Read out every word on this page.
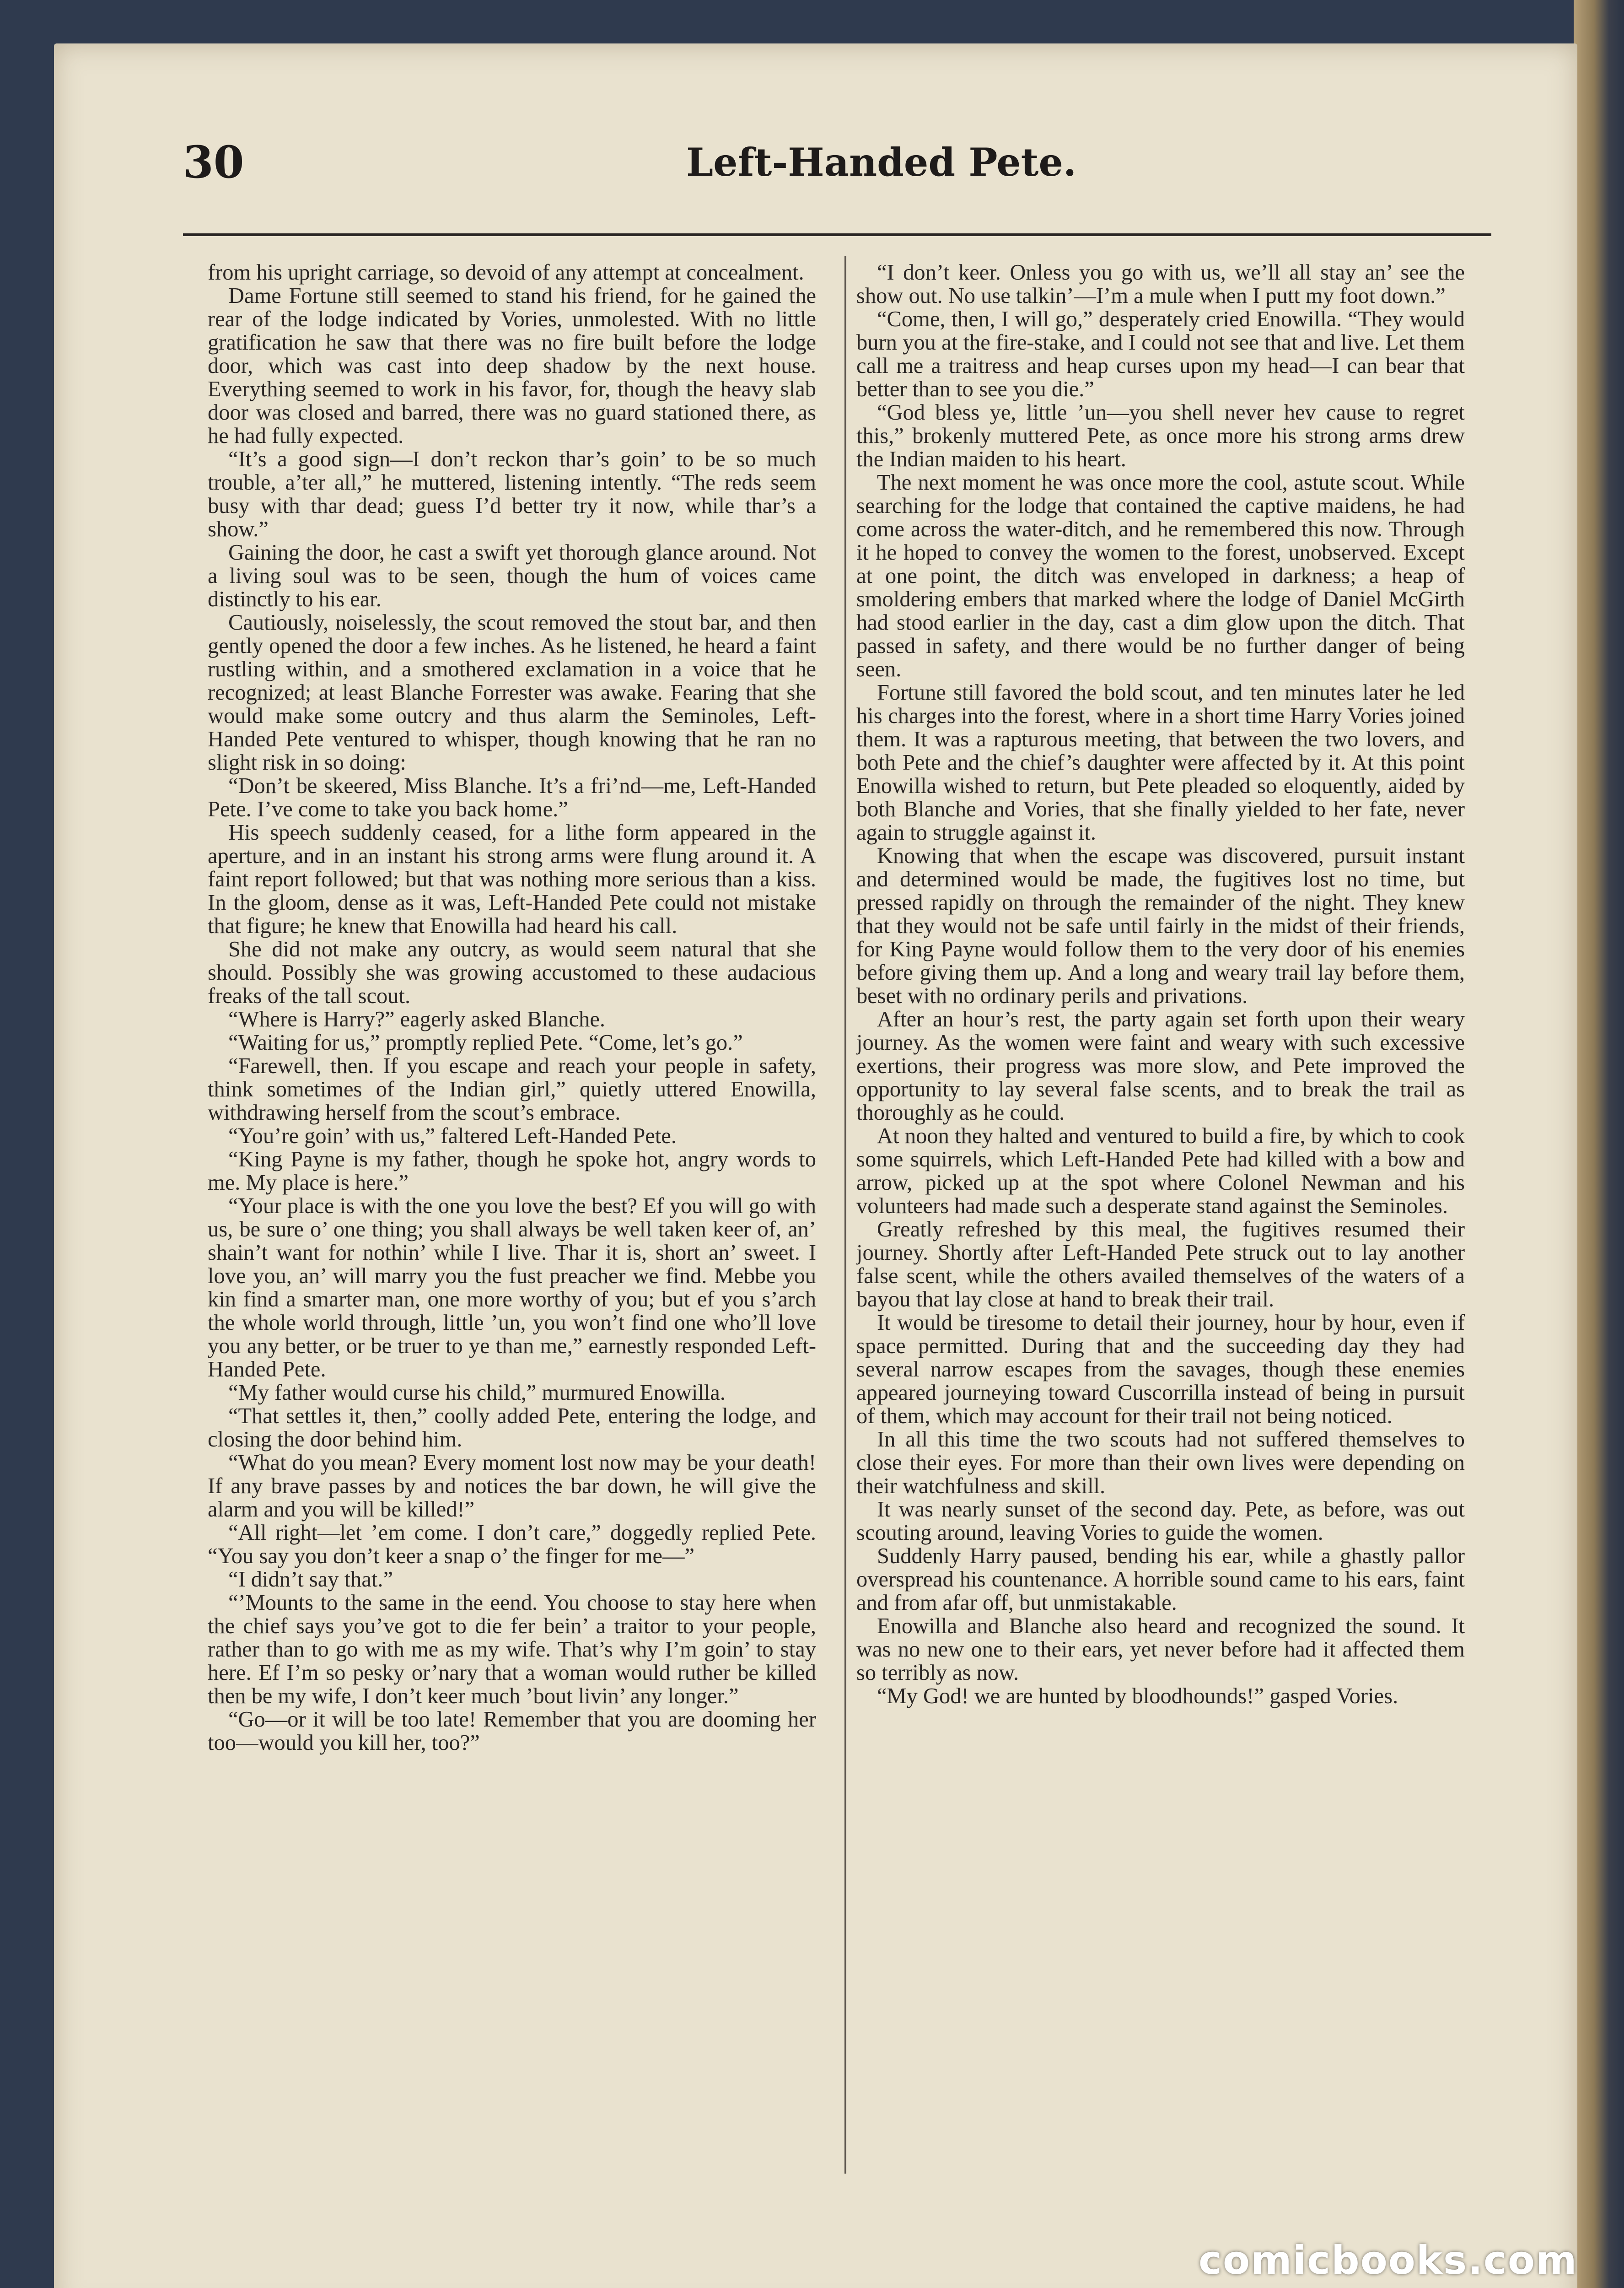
30	Left-Handed Pete.

from his upright carriage, so devoid of any attempt at concealment.

Dame Fortune still seemed to stand his friend, for he gained the rear of the lodge indicated by Vories, unmolested. With no little gratification he saw that there was no fire built before the lodge door, which was cast into deep shadow by the next house. Everything seemed to work in his favor, for, though the heavy slab door was closed and barred, there was no guard stationed there, as he had fully expected.

“It’s a good sign—I don’t reckon thar’s goin’ to be so much trouble, a’ter all,” he muttered, listening intently. “The reds seem busy with thar dead; guess I’d better try it now, while thar’s a show.”

Gaining the door, he cast a swift yet thorough glance around. Not a living soul was to be seen, though the hum of voices came distinctly to his ear.

Cautiously, noiselessly, the scout removed the stout bar, and then gently opened the door a few inches. As he listened, he heard a faint rustling within, and a smothered exclamation in a voice that he recognized; at least Blanche Forrester was awake. Fearing that she would make some outcry and thus alarm the Seminoles, Left-Handed Pete ventured to whisper, though knowing that he ran no slight risk in so doing:

“Don’t be skeered, Miss Blanche. It’s a fri’nd—me, Left-Handed Pete. I’ve come to take you back home.”

His speech suddenly ceased, for a lithe form appeared in the aperture, and in an instant his strong arms were flung around it. A faint report followed; but that was nothing more serious than a kiss. In the gloom, dense as it was, Left-Handed Pete could not mistake that figure; he knew that Enowilla had heard his call.

She did not make any outcry, as would seem natural that she should. Possibly she was growing accustomed to these audacious freaks of the tall scout.

“Where is Harry?” eagerly asked Blanche.

“Waiting for us,” promptly replied Pete. “Come, let’s go.”

“Farewell, then. If you escape and reach your people in safety, think sometimes of the Indian girl,” quietly uttered Enowilla, withdrawing herself from the scout’s embrace.

“You’re goin’ with us,” faltered Left-Handed Pete.

“King Payne is my father, though he spoke hot, angry words to me. My place is here.”

“Your place is with the one you love the best? Ef you will go with us, be sure o’ one thing; you shall always be well taken keer of, an’ shain’t want for nothin’ while I live. Thar it is, short an’ sweet. I love you, an’ will marry you the fust preacher we find. Mebbe you kin find a smarter man, one more worthy of you; but ef you s’arch the whole world through, little ’un, you won’t find one who’ll love you any better, or be truer to ye than me,” earnestly responded Left-Handed Pete.

“My father would curse his child,” murmured Enowilla.

“That settles it, then,” coolly added Pete, entering the lodge, and closing the door behind him.

“What do you mean? Every moment lost now may be your death! If any brave passes by and notices the bar down, he will give the alarm and you will be killed!”

“All right—let ’em come. I don’t care,” doggedly replied Pete. “You say you don’t keer a snap o’ the finger for me—”

“I didn’t say that.”

“’Mounts to the same in the eend. You choose to stay here when the chief says you’ve got to die fer bein’ a traitor to your people, rather than to go with me as my wife. That’s why I’m goin’ to stay here. Ef I’m so pesky or’nary that a woman would ruther be killed then be my wife, I don’t keer much ’bout livin’ any longer.”

“Go—or it will be too late! Remember that you are dooming her too—would you kill her, too?”

“I don’t keer. Onless you go with us, we’ll all stay an’ see the show out. No use talkin’—I’m a mule when I putt my foot down.”

“Come, then, I will go,” desperately cried Enowilla. “They would burn you at the fire-stake, and I could not see that and live. Let them call me a traitress and heap curses upon my head—I can bear that better than to see you die.”

“God bless ye, little ’un—you shell never hev cause to regret this,” brokenly muttered Pete, as once more his strong arms drew the Indian maiden to his heart.

The next moment he was once more the cool, astute scout. While searching for the lodge that contained the captive maidens, he had come across the water-ditch, and he remembered this now. Through it he hoped to convey the women to the forest, unobserved. Except at one point, the ditch was enveloped in darkness; a heap of smoldering embers that marked where the lodge of Daniel McGirth had stood earlier in the day, cast a dim glow upon the ditch. That passed in safety, and there would be no further danger of being seen.

Fortune still favored the bold scout, and ten minutes later he led his charges into the forest, where in a short time Harry Vories joined them. It was a rapturous meeting, that between the two lovers, and both Pete and the chief’s daughter were affected by it. At this point Enowilla wished to return, but Pete pleaded so eloquently, aided by both Blanche and Vories, that she finally yielded to her fate, never again to struggle against it.

Knowing that when the escape was discovered, pursuit instant and determined would be made, the fugitives lost no time, but pressed rapidly on through the remainder of the night. They knew that they would not be safe until fairly in the midst of their friends, for King Payne would follow them to the very door of his enemies before giving them up. And a long and weary trail lay before them, beset with no ordinary perils and privations.

After an hour’s rest, the party again set forth upon their weary journey. As the women were faint and weary with such excessive exertions, their progress was more slow, and Pete improved the opportunity to lay several false scents, and to break the trail as thoroughly as he could.

At noon they halted and ventured to build a fire, by which to cook some squirrels, which Left-Handed Pete had killed with a bow and arrow, picked up at the spot where Colonel Newman and his volunteers had made such a desperate stand against the Seminoles.

Greatly refreshed by this meal, the fugitives resumed their journey. Shortly after Left-Handed Pete struck out to lay another false scent, while the others availed themselves of the waters of a bayou that lay close at hand to break their trail.

It would be tiresome to detail their journey, hour by hour, even if space permitted. During that and the succeeding day they had several narrow escapes from the savages, though these enemies appeared journeying toward Cuscorrilla instead of being in pursuit of them, which may account for their trail not being noticed.

In all this time the two scouts had not suffered themselves to close their eyes. For more than their own lives were depending on their watchfulness and skill.

It was nearly sunset of the second day. Pete, as before, was out scouting around, leaving Vories to guide the women.

Suddenly Harry paused, bending his ear, while a ghastly pallor overspread his countenance. A horrible sound came to his ears, faint and from afar off, but unmistakable.

Enowilla and Blanche also heard and recognized the sound. It was no new one to their ears, yet never before had it affected them so terribly as now.

“My God! we are hunted by bloodhounds!” gasped Vories.

comicbooks.com
